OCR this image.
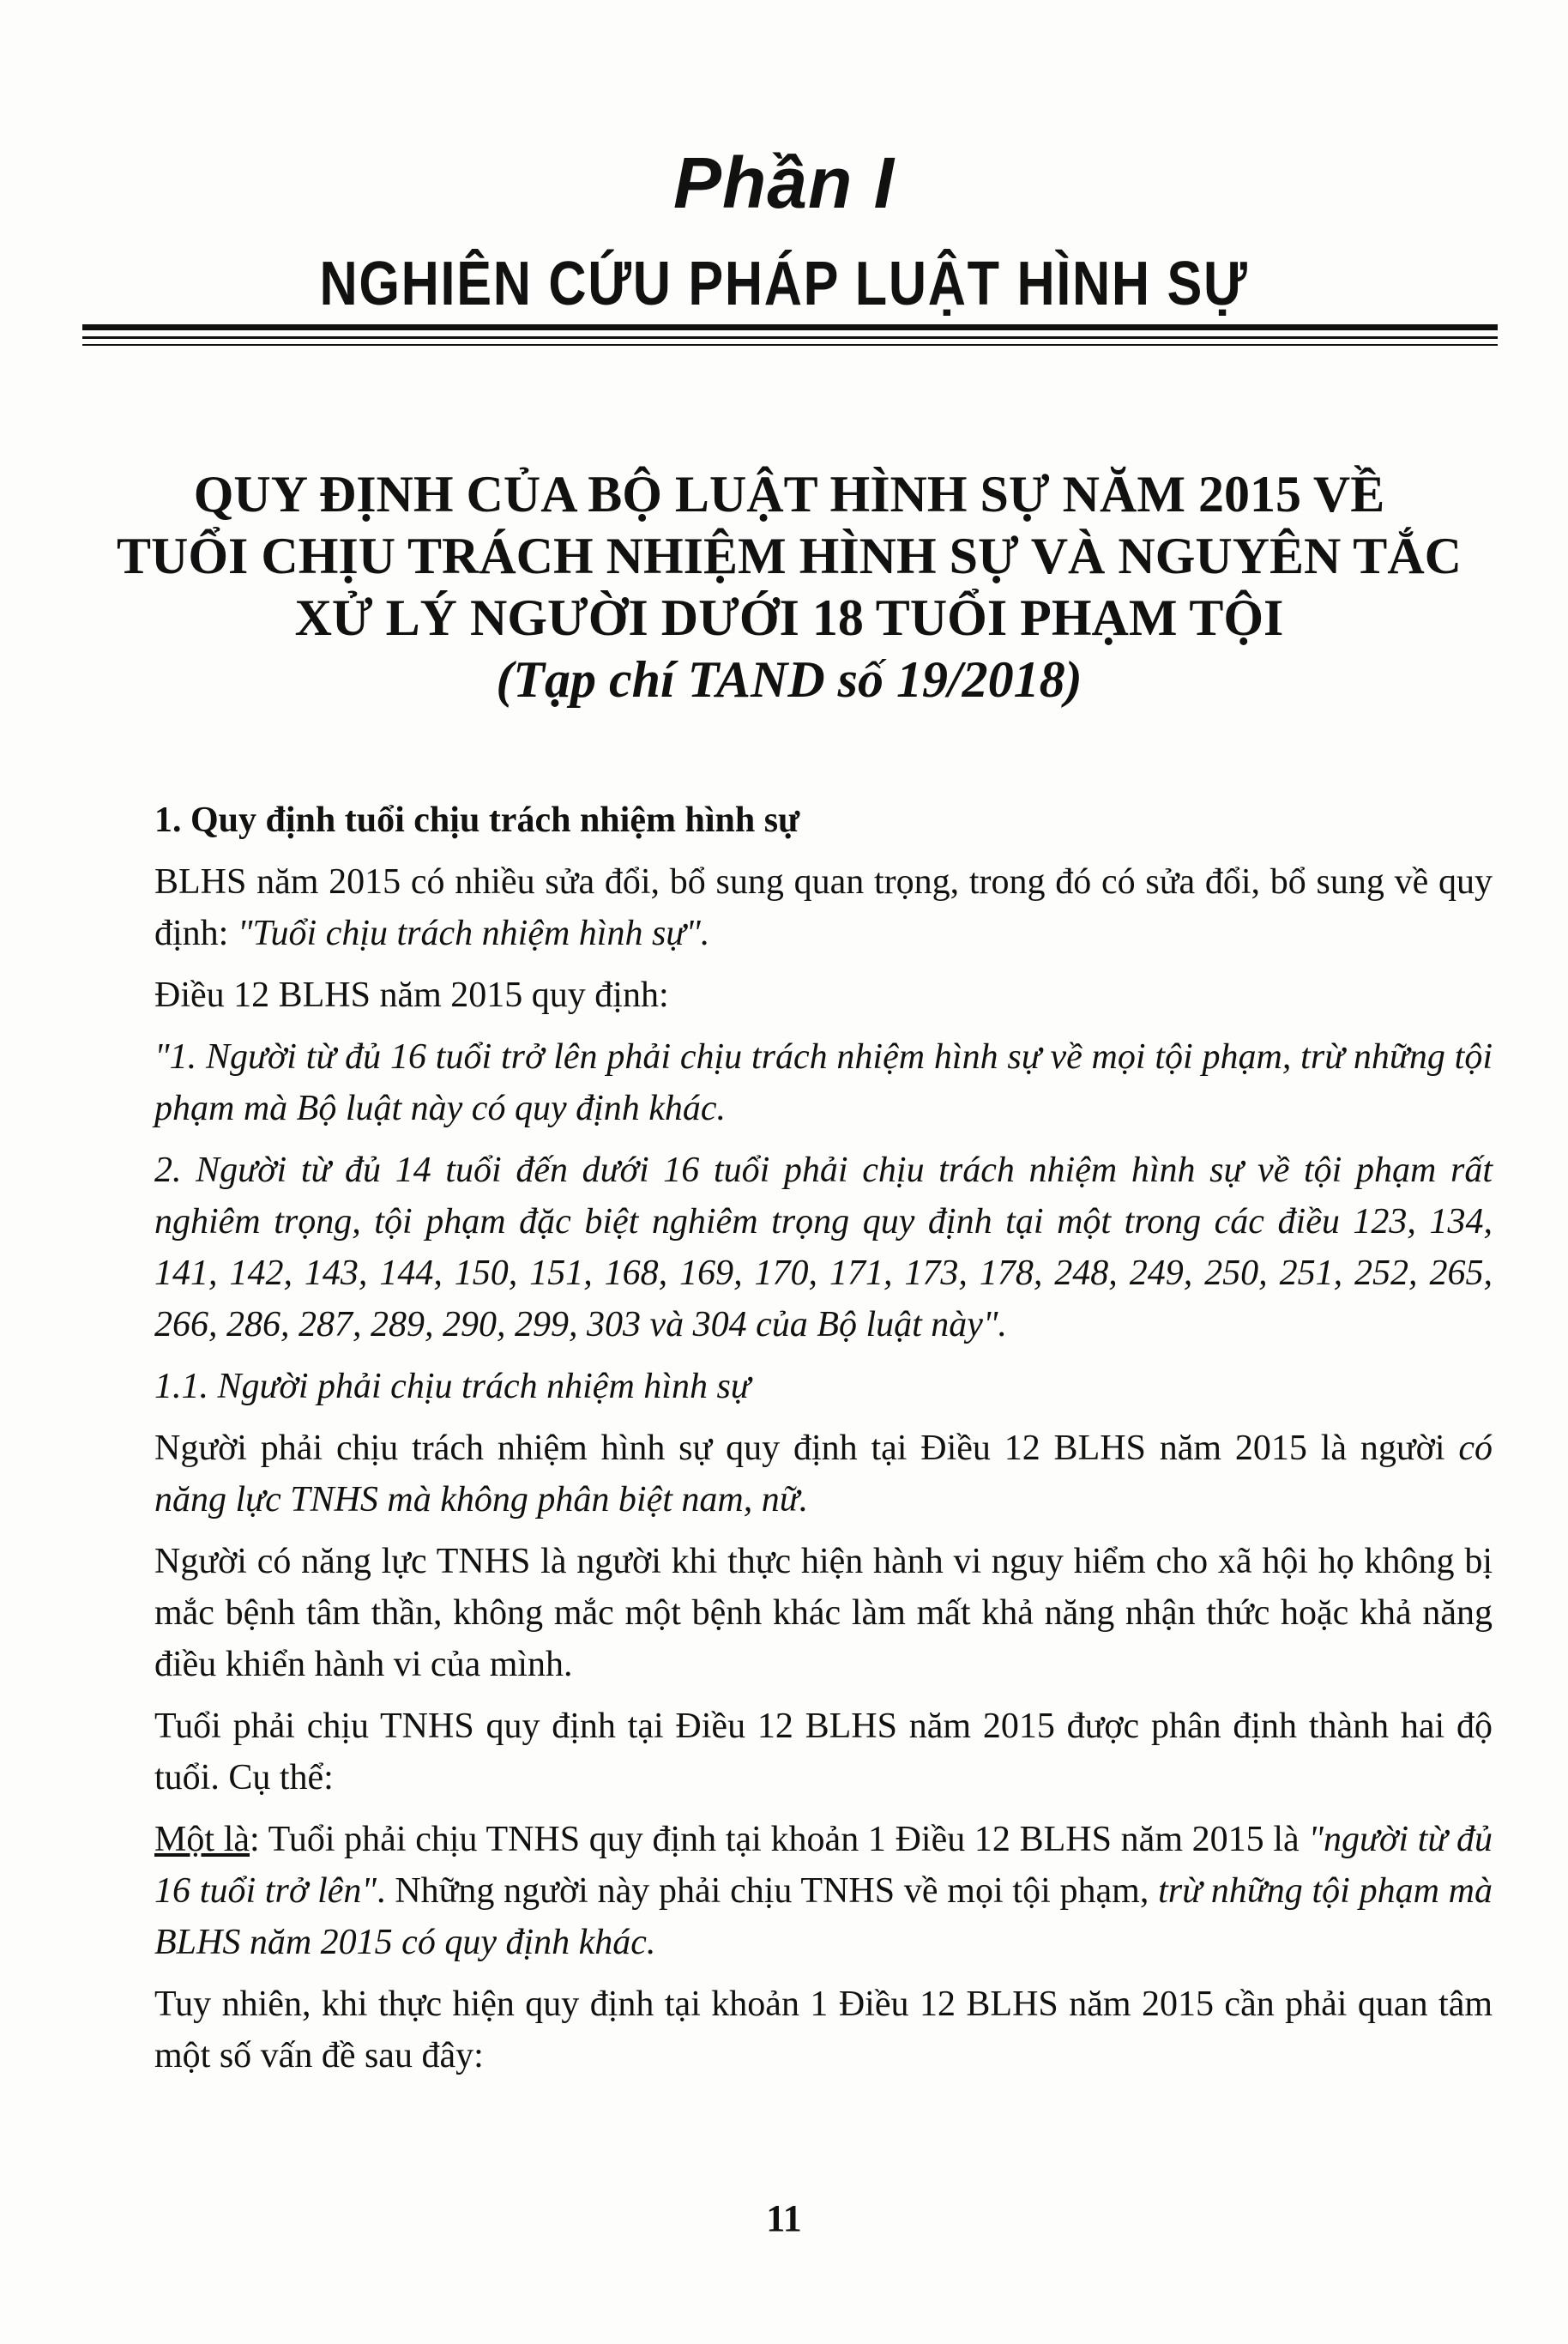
Phần I
NGHIÊN CỨU PHÁP LUẬT HÌNH SỰ
QUY ĐỊNH CỦA BỘ LUẬT HÌNH SỰ NĂM 2015 VỀ
TUỔI CHỊU TRÁCH NHIỆM HÌNH SỰ VÀ NGUYÊN TẮC
XỬ LÝ NGƯỜI DƯỚI 18 TUỔI PHẠM TỘI
(Tạp chí TAND số 19/2018)

1. Quy định tuổi chịu trách nhiệm hình sự

BLHS năm 2015 có nhiều sửa đổi, bổ sung quan trọng, trong đó có sửa đổi, bổ sung về quy định: "Tuổi chịu trách nhiệm hình sự".

Điều 12 BLHS năm 2015 quy định:

"1. Người từ đủ 16 tuổi trở lên phải chịu trách nhiệm hình sự về mọi tội phạm, trừ những tội phạm mà Bộ luật này có quy định khác.

2. Người từ đủ 14 tuổi đến dưới 16 tuổi phải chịu trách nhiệm hình sự về tội phạm rất nghiêm trọng, tội phạm đặc biệt nghiêm trọng quy định tại một trong các điều 123, 134, 141, 142, 143, 144, 150, 151, 168, 169, 170, 171, 173, 178, 248, 249, 250, 251, 252, 265, 266, 286, 287, 289, 290, 299, 303 và 304 của Bộ luật này".

1.1. Người phải chịu trách nhiệm hình sự

Người phải chịu trách nhiệm hình sự quy định tại Điều 12 BLHS năm 2015 là người có năng lực TNHS mà không phân biệt nam, nữ.

Người có năng lực TNHS là người khi thực hiện hành vi nguy hiểm cho xã hội họ không bị mắc bệnh tâm thần, không mắc một bệnh khác làm mất khả năng nhận thức hoặc khả năng điều khiển hành vi của mình.

Tuổi phải chịu TNHS quy định tại Điều 12 BLHS năm 2015 được phân định thành hai độ tuổi. Cụ thể:

Một là: Tuổi phải chịu TNHS quy định tại khoản 1 Điều 12 BLHS năm 2015 là "người từ đủ 16 tuổi trở lên". Những người này phải chịu TNHS về mọi tội phạm, trừ những tội phạm mà BLHS năm 2015 có quy định khác.

Tuy nhiên, khi thực hiện quy định tại khoản 1 Điều 12 BLHS năm 2015 cần phải quan tâm một số vấn đề sau đây:

11
